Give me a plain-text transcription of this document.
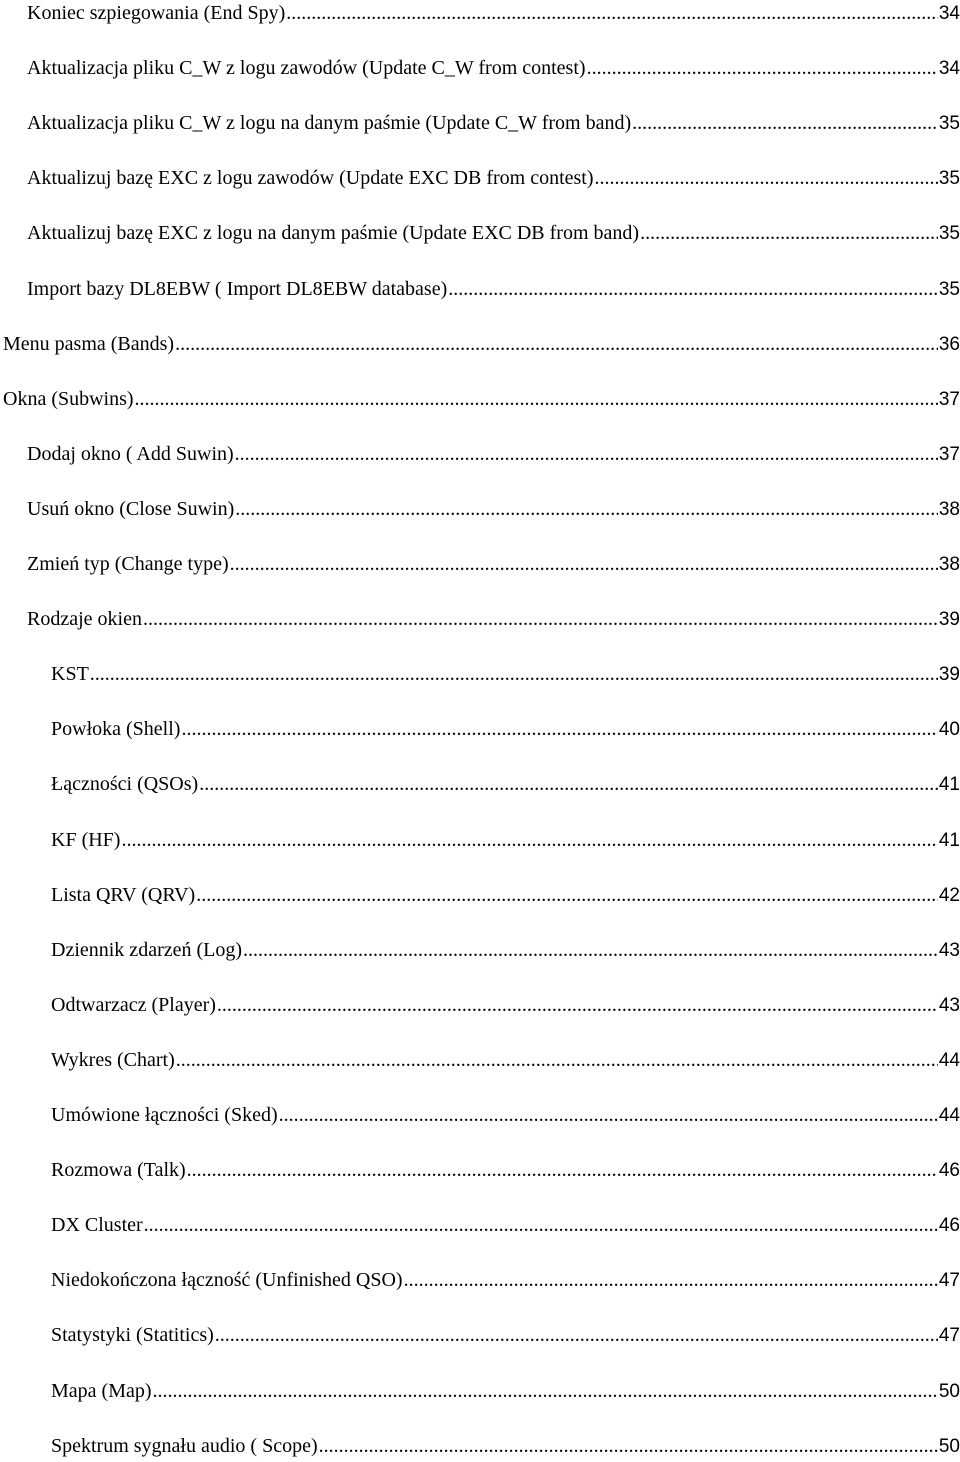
Koniec szpiegowania (End Spy) .....	34
Aktualizacja pliku C_W z logu zawodów (Update C_W from contest) .....	34
Aktualizacja pliku C_W z logu na danym paśmie (Update C_W from band) .....	35
Aktualizuj bazę EXC z logu zawodów (Update EXC DB from contest) .....	35
Aktualizuj bazę EXC z logu na danym paśmie (Update EXC DB from band) .....	35
Import bazy DL8EBW ( Import DL8EBW database) .....	35
Menu pasma (Bands) .....	36
Okna (Subwins) .....	37
Dodaj okno ( Add Suwin) .....	37
Usuń okno (Close Suwin) .....	38
Zmień typ (Change type) .....	38
Rodzaje okien .....	39
KST .....	39
Powłoka (Shell) .....	40
Łączności (QSOs) .....	41
KF (HF) .....	41
Lista QRV (QRV) .....	42
Dziennik zdarzeń (Log) .....	43
Odtwarzacz (Player) .....	43
Wykres (Chart) .....	44
Umówione łączności (Sked) .....	44
Rozmowa (Talk) .....	46
DX Cluster .....	46
Niedokończona łączność (Unfinished QSO) .....	47
Statystyki (Statitics) .....	47
Mapa (Map) .....	50
Spektrum sygnału audio ( Scope) .....	50
